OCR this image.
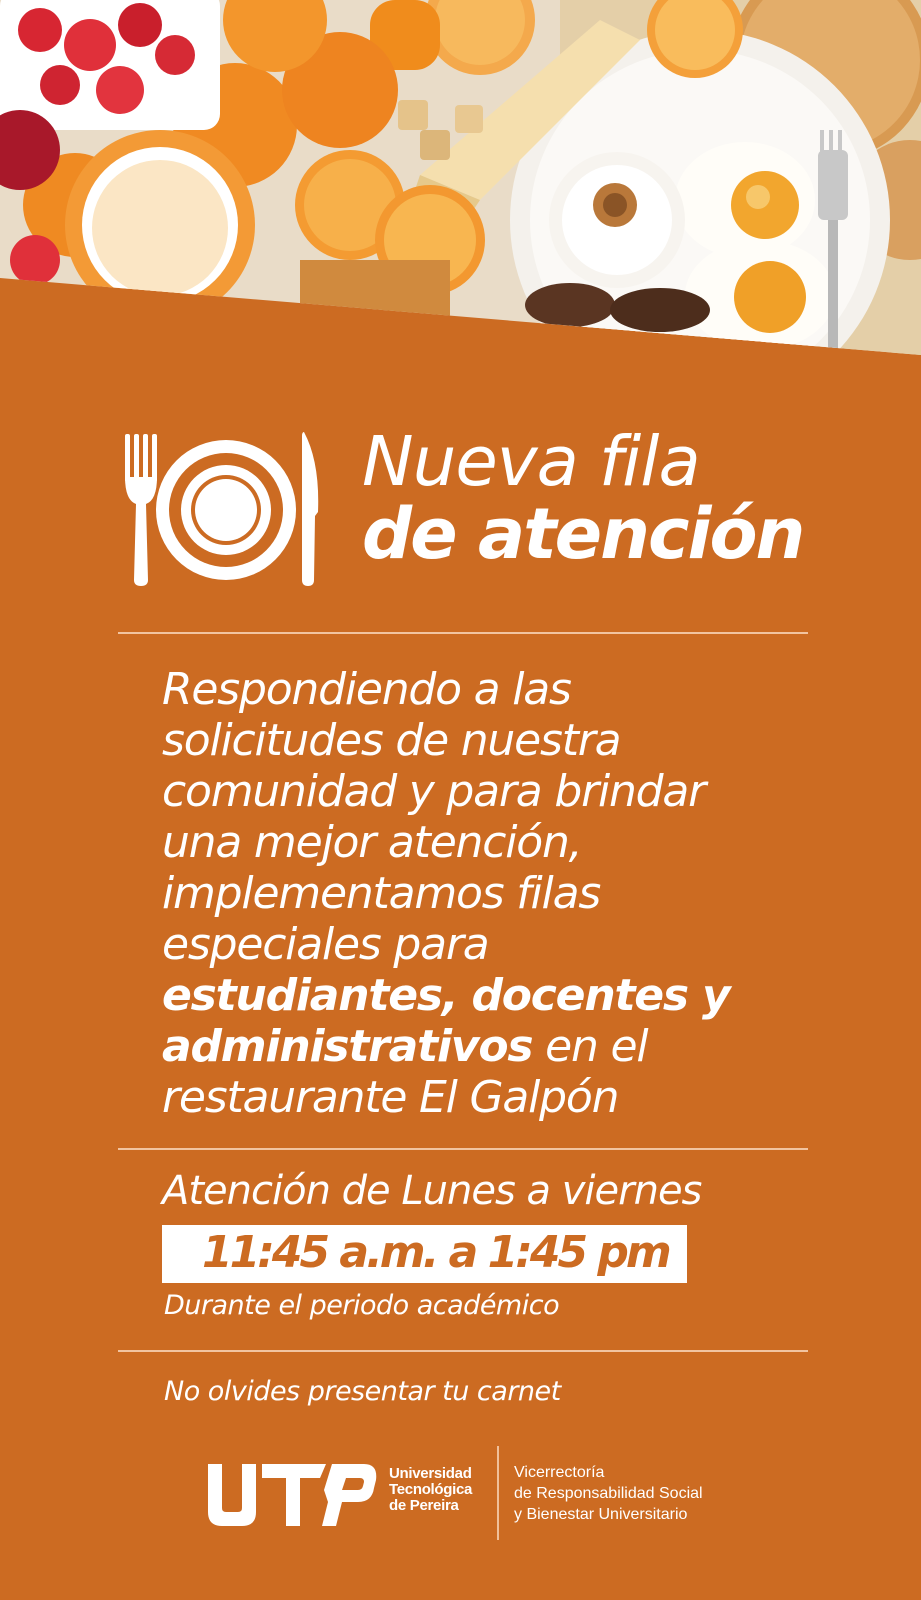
Nueva fila
de atención
Respondiendo a las
solicitudes de nuestra
comunidad y para brindar
una mejor atención,
implementamos filas
especiales para
estudiantes, docentes y
administrativos en el
restaurante El Galpón
Atención de Lunes a viernes
11:45 a.m. a 1:45 pm
Durante el periodo académico
No olvides presentar tu carnet
Universidad
Tecnológica
de Pereira
Vicerrectoría
de Responsabilidad Social
y Bienestar Universitario
